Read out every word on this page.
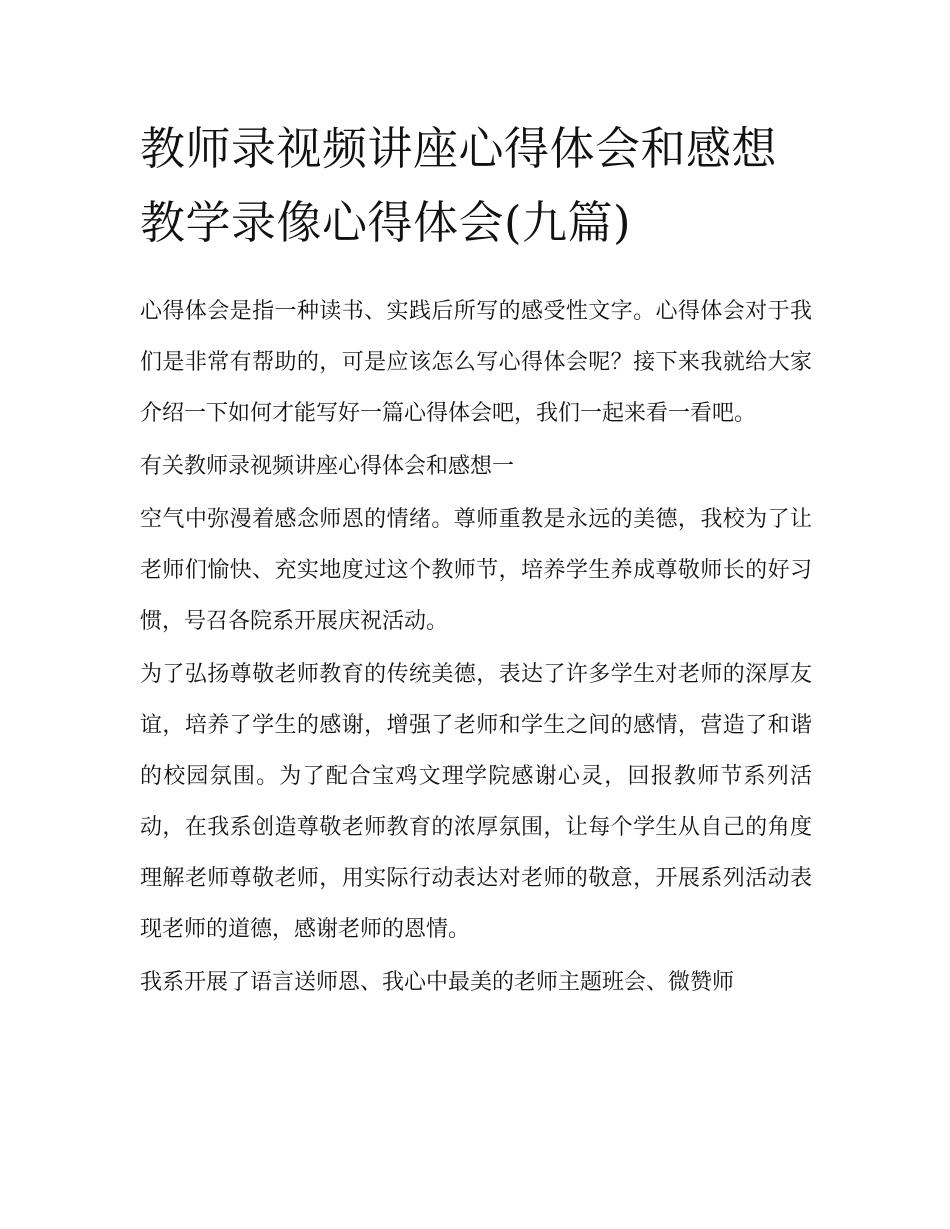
教师录视频讲座心得体会和感想 教学录像心得体会(九篇)

心得体会是指一种读书、实践后所写的感受性文字。心得体会对于我们是非常有帮助的，可是应该怎么写心得体会呢？接下来我就给大家介绍一下如何才能写好一篇心得体会吧，我们一起来看一看吧。

有关教师录视频讲座心得体会和感想一

空气中弥漫着感念师恩的情绪。尊师重教是永远的美德，我校为了让老师们愉快、充实地度过这个教师节，培养学生养成尊敬师长的好习惯，号召各院系开展庆祝活动。

为了弘扬尊敬老师教育的传统美德，表达了许多学生对老师的深厚友谊，培养了学生的感谢，增强了老师和学生之间的感情，营造了和谐的校园氛围。为了配合宝鸡文理学院感谢心灵，回报教师节系列活动，在我系创造尊敬老师教育的浓厚氛围，让每个学生从自己的角度理解老师尊敬老师，用实际行动表达对老师的敬意，开展系列活动表现老师的道德，感谢老师的恩情。

我系开展了语言送师恩、我心中最美的老师主题班会、微赞师
